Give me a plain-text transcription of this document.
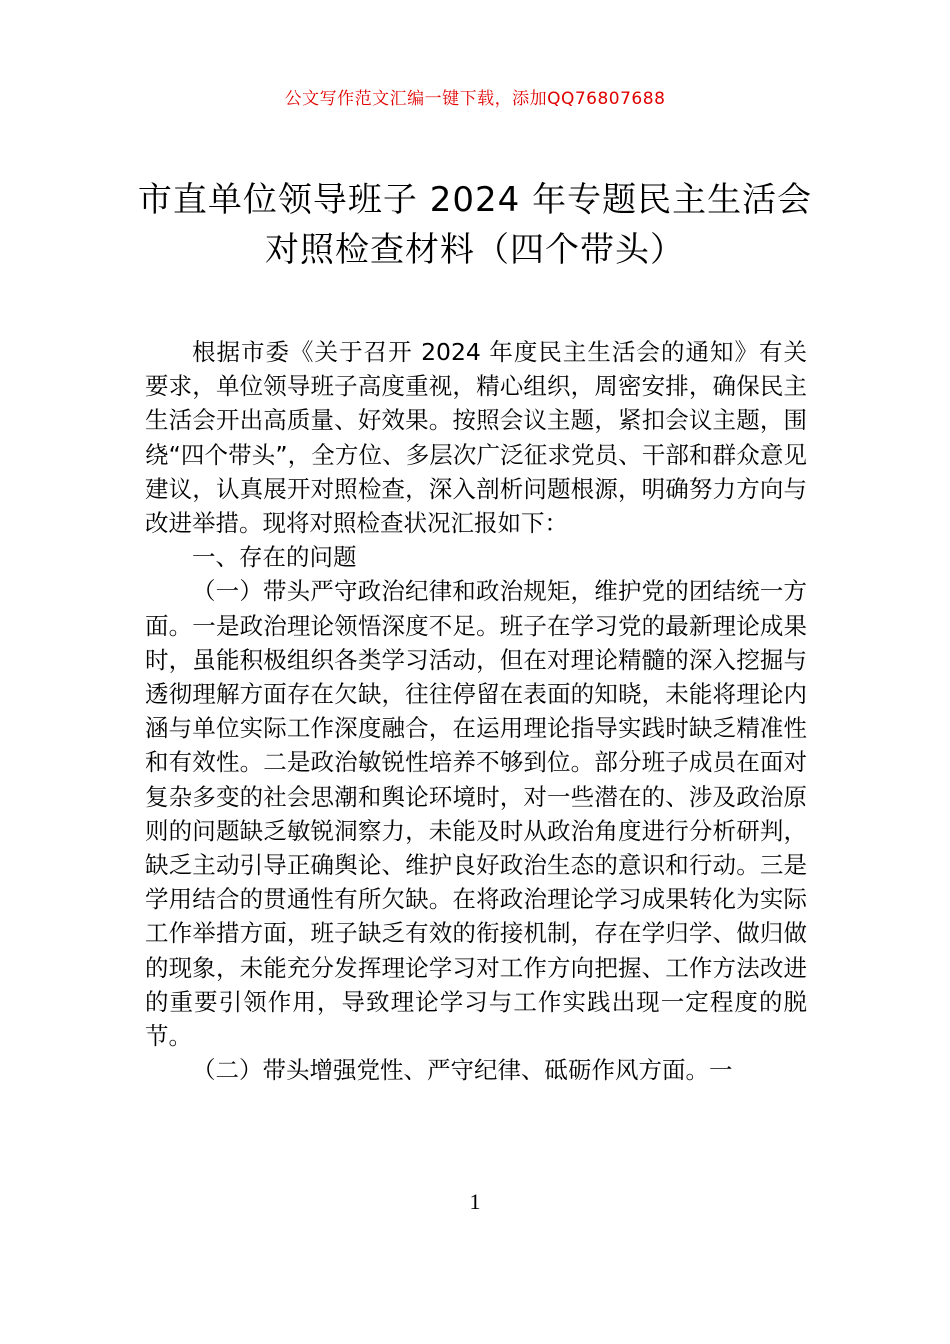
公文写作范文汇编一键下载，添加QQ76807688
市直单位领导班子 2024 年专题民主生活会
对照检查材料（四个带头）

根据市委《关于召开 2024 年度民主生活会的通知》有关要求，单位领导班子高度重视，精心组织，周密安排，确保民主生活会开出高质量、好效果。按照会议主题，紧扣会议主题，围绕“四个带头”，全方位、多层次广泛征求党员、干部和群众意见建议，认真展开对照检查，深入剖析问题根源，明确努力方向与改进举措。现将对照检查状况汇报如下：

一、存在的问题

（一）带头严守政治纪律和政治规矩，维护党的团结统一方面。一是政治理论领悟深度不足。班子在学习党的最新理论成果时，虽能积极组织各类学习活动，但在对理论精髓的深入挖掘与透彻理解方面存在欠缺，往往停留在表面的知晓，未能将理论内涵与单位实际工作深度融合，在运用理论指导实践时缺乏精准性和有效性。二是政治敏锐性培养不够到位。部分班子成员在面对复杂多变的社会思潮和舆论环境时，对一些潜在的、涉及政治原则的问题缺乏敏锐洞察力，未能及时从政治角度进行分析研判，缺乏主动引导正确舆论、维护良好政治生态的意识和行动。三是学用结合的贯通性有所欠缺。在将政治理论学习成果转化为实际工作举措方面，班子缺乏有效的衔接机制，存在学归学、做归做的现象，未能充分发挥理论学习对工作方向把握、工作方法改进的重要引领作用，导致理论学习与工作实践出现一定程度的脱节。

（二）带头增强党性、严守纪律、砥砺作风方面。一

1
